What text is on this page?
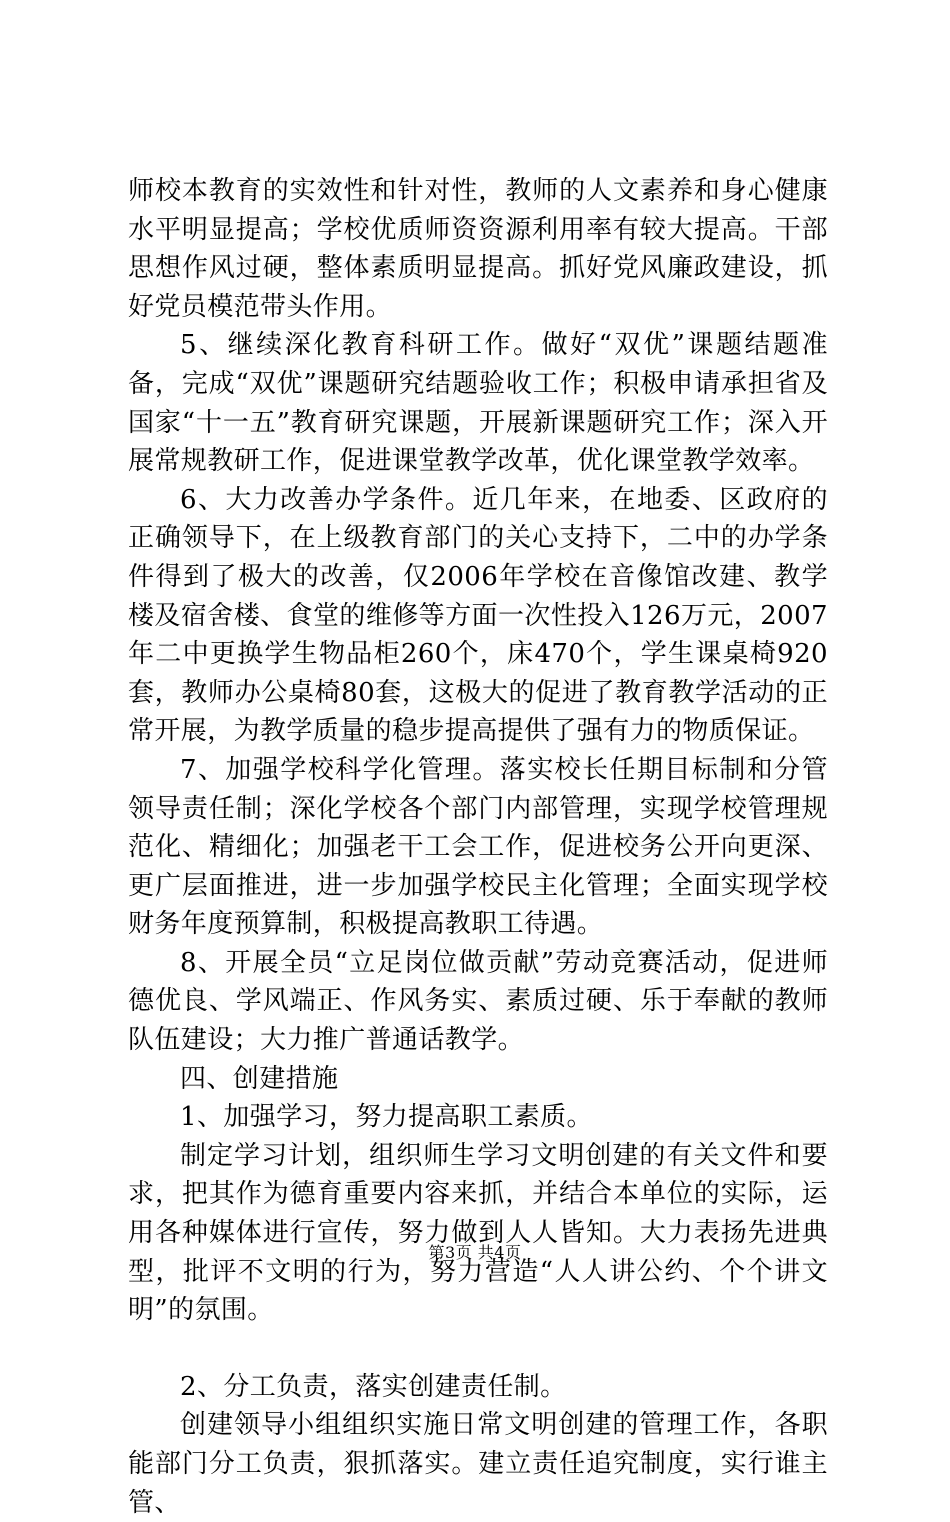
师校本教育的实效性和针对性，教师的人文素养和身心健康水平明显提高；学校优质师资资源利用率有较大提高。干部思想作风过硬，整体素质明显提高。抓好党风廉政建设，抓好党员模范带头作用。

5、继续深化教育科研工作。做好“双优”课题结题准备，完成“双优”课题研究结题验收工作；积极申请承担省及国家“十一五”教育研究课题，开展新课题研究工作；深入开展常规教研工作，促进课堂教学改革，优化课堂教学效率。

6、大力改善办学条件。近几年来，在地委、区政府的正确领导下，在上级教育部门的关心支持下，二中的办学条件得到了极大的改善，仅2006年学校在音像馆改建、教学楼及宿舍楼、食堂的维修等方面一次性投入126万元，2007年二中更换学生物品柜260个，床470个，学生课桌椅920套，教师办公桌椅80套，这极大的促进了教育教学活动的正常开展，为教学质量的稳步提高提供了强有力的物质保证。

7、加强学校科学化管理。落实校长任期目标制和分管领导责任制；深化学校各个部门内部管理，实现学校管理规范化、精细化；加强老干工会工作，促进校务公开向更深、更广层面推进，进一步加强学校民主化管理；全面实现学校财务年度预算制，积极提高教职工待遇。

8、开展全员“立足岗位做贡献”劳动竞赛活动，促进师德优良、学风端正、作风务实、素质过硬、乐于奉献的教师队伍建设；大力推广普通话教学。

四、创建措施

1、加强学习，努力提高职工素质。

制定学习计划，组织师生学习文明创建的有关文件和要求，把其作为德育重要内容来抓，并结合本单位的实际，运用各种媒体进行宣传，努力做到人人皆知。大力表扬先进典型，批评不文明的行为，努力营造“人人讲公约、个个讲文明”的氛围。

2、分工负责，落实创建责任制。

创建领导小组组织实施日常文明创建的管理工作，各职能部门分工负责，狠抓落实。建立责任追究制度，实行谁主管、

第3页 共4页
